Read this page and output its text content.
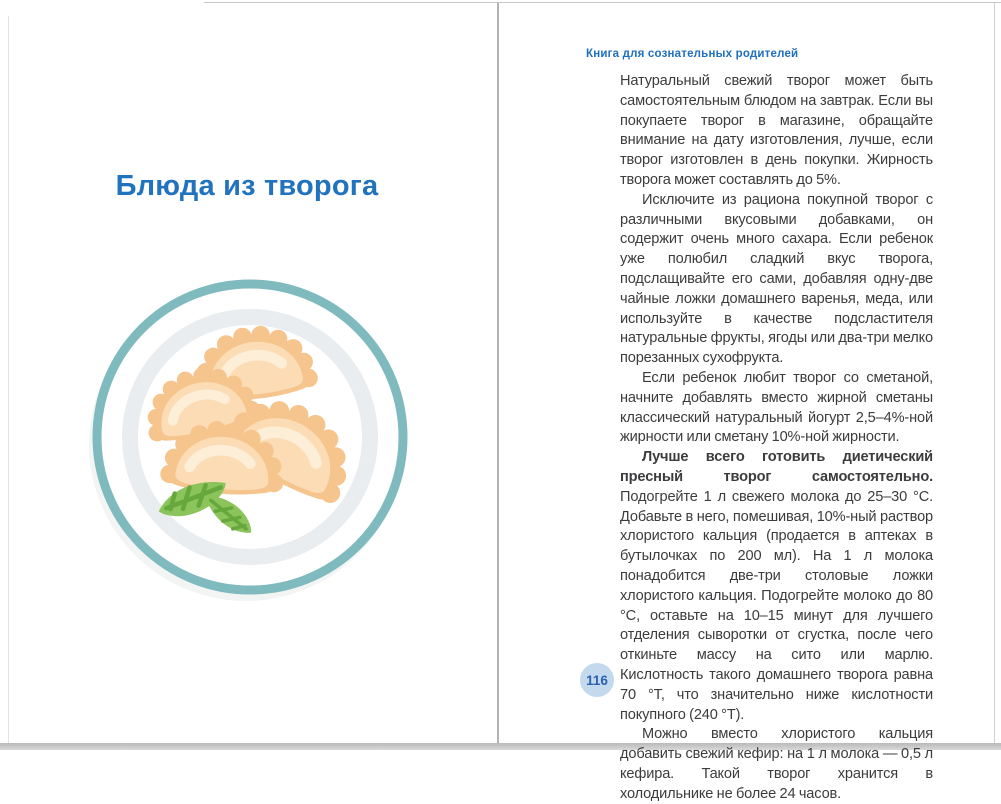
Блюда из творога
Книга для сознательных родителей

Натуральный свежий творог может быть самостоятельным блюдом на завтрак. Если вы покупаете творог в магазине, обращайте внимание на дату изготовления, лучше, если творог изготовлен в день покупки. Жирность творога может составлять до 5%.

Исключите из рациона покупной творог с различными вкусовыми добавками, он содержит очень много сахара. Если ребенок уже полюбил сладкий вкус творога, подслащивайте его сами, добавляя одну-две чайные ложки домашнего варенья, меда, или используйте в качестве подсластителя натуральные фрукты, ягоды или два-три мелко порезанных сухофрукта.

Если ребенок любит творог со сметаной, начните добавлять вместо жирной сметаны классический натуральный йогурт 2,5–4%-ной жирности или сметану 10%-ной жирности.

Лучше всего готовить диетический пресный творог самостоятельно. Подогрейте 1 л свежего молока до 25–30 °С. Добавьте в него, помешивая, 10%-ный раствор хлористого кальция (продается в аптеках в бутылочках по 200 мл). На 1 л молока понадобится две-три столовые ложки хлористого кальция. Подогрейте молоко до 80 °С, оставьте на 10–15 минут для лучшего отделения сыворотки от сгустка, после чего откиньте массу на сито или марлю. Кислотность такого домашнего творога равна 70 °Т, что значительно ниже кислотности покупного (240 °Т).

Можно вместо хлористого кальция добавить свежий кефир: на 1 л молока — 0,5 л кефира. Такой творог хранится в холодильнике не более 24 часов.

116
